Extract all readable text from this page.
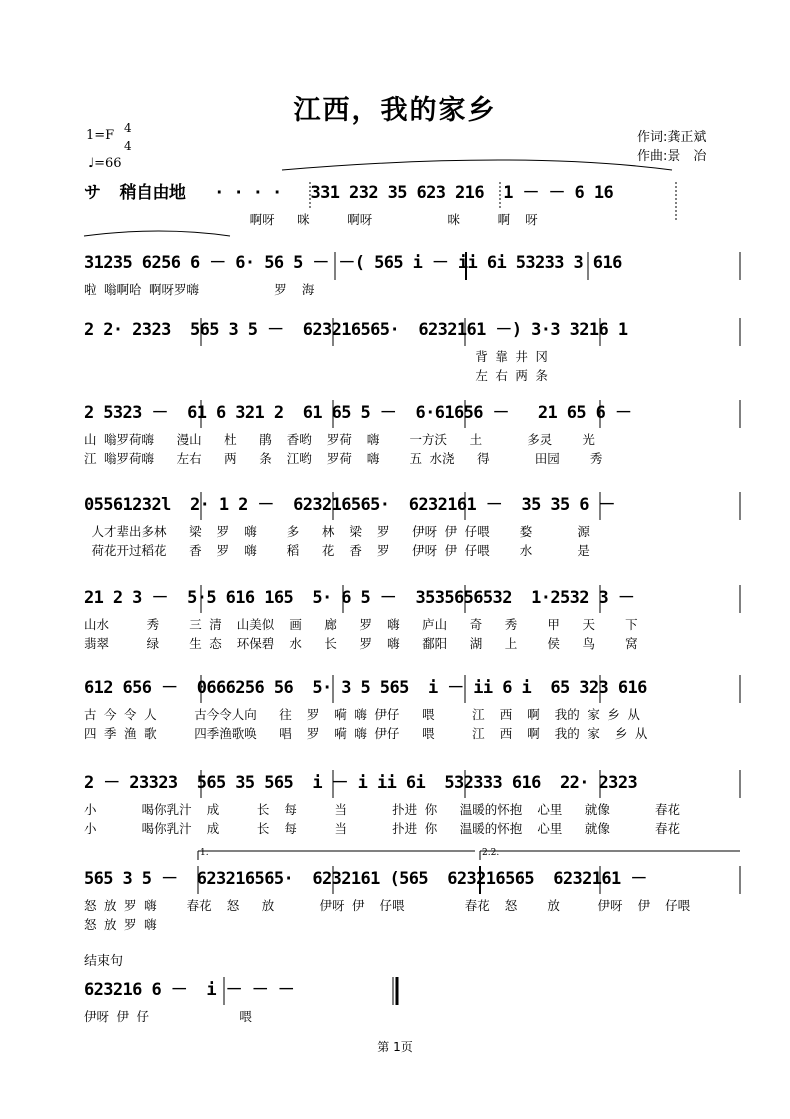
江西，我的家乡
1=F 4
4
♩=66
作词:龚正斌
作曲:景　冶
サ  稍自由地   · · · ·   331 232 35 623 216  1 － － 6 16
啊呀   咪     啊呀          咪     啊  呀
31235 6256 6 － 6· 56 5 － －( 565 i － ii 6i 53233 3 616
啦 嗡啊哈 啊呀罗嗨          罗  海
2 2· 2323  565 3 5 －  623216565·  6232161 －) 3·3 3216 1
背 靠 井 冈
左 右 两 条
2 5323 －  61 6 321 2  61 65 5 －  6·61656 －   21 65 6 －
山 嗡罗荷嗨   漫山   杜   鹃  香哟  罗荷  嗨    一方沃   土      多灵    光
江 嗡罗荷嗨   左右   两   条  江哟  罗荷  嗨    五 水浇   得      田园    秀
05561232l  2· 1 2 －  623216565·  6232161 －  35 35 6 －
人才辈出多林   梁  罗  嗨    多   林  梁  罗   伊呀 伊 仔喂    婺      源
荷花开过稻花   香  罗  嗨    稻   花  香  罗   伊呀 伊 仔喂    水      是
21 2 3 －  5·5 616 165  5· 6 5 －  3535656532  1·2532 3 －
山水     秀    三 清  山美似  画   廊   罗  嗨   庐山   奇   秀    甲   天    下
翡翠     绿    生 态  环保碧  水   长   罗  嗨   鄱阳   湖   上    侯   鸟    窝
612 656 －  0666256 56  5· 3 5 565  i － ii 6 i  65 323 616
古 今 令 人     古今令人向   往  罗  嗬 嗨 伊仔   喂     江  西  啊  我的 家 乡 从
四 季 渔 歌     四季渔歌唤   唱  罗  嗬 嗨 伊仔   喂     江  西  啊  我的 家  乡 从
2 － 23323  565 35 565  i － i ii 6i  532333 616  22· 2323
小      喝你乳汁  成     长  每     当      扑进 你   温暖的怀抱  心里   就像      春花
小      喝你乳汁  成     长  每     当      扑进 你   温暖的怀抱  心里   就像      春花
565 3 5 －  623216565·  6232161 (565  623216565  6232161 －
怒 放 罗 嗨    春花  怒   放      伊呀 伊  仔喂        春花  怒    放     伊呀  伊  仔喂
怒 放 罗 嗨
1.	2.2.
结束句
623216 6 －  i － － －
伊呀 伊 仔            喂
第 1页
